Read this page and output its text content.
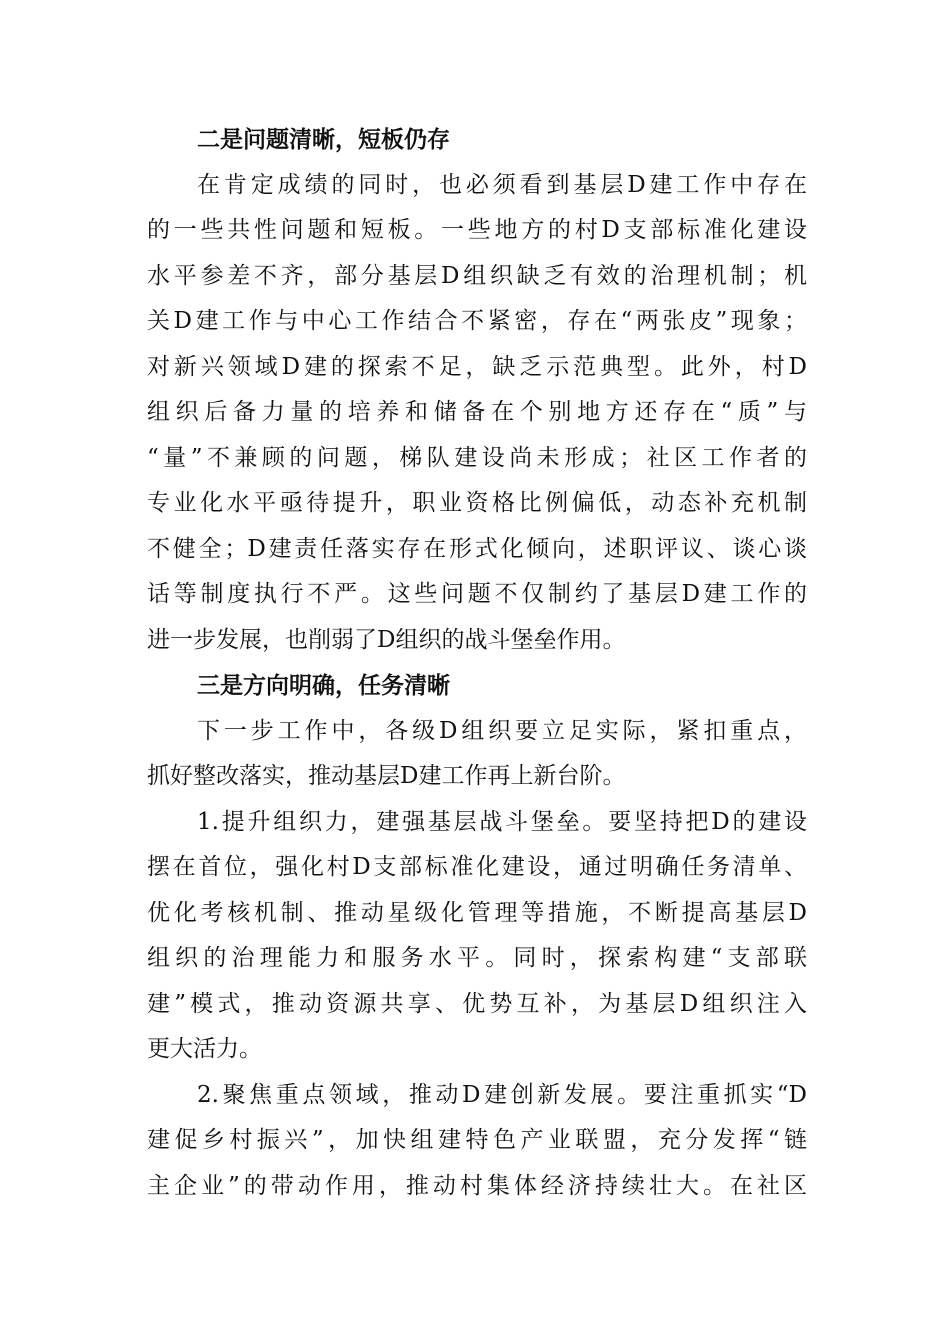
二是问题清晰，短板仍存
在肯定成绩的同时，也必须看到基层D建工作中存在
的一些共性问题和短板。一些地方的村D支部标准化建设
水平参差不齐，部分基层D组织缺乏有效的治理机制；机
关D建工作与中心工作结合不紧密，存在“两张皮”现象；
对新兴领域D建的探索不足，缺乏示范典型。此外，村D
组织后备力量的培养和储备在个别地方还存在“质”与
“量”不兼顾的问题，梯队建设尚未形成；社区工作者的
专业化水平亟待提升，职业资格比例偏低，动态补充机制
不健全；D建责任落实存在形式化倾向，述职评议、谈心谈
话等制度执行不严。这些问题不仅制约了基层D建工作的
进一步发展，也削弱了D组织的战斗堡垒作用。
三是方向明确，任务清晰
下一步工作中，各级D组织要立足实际，紧扣重点，
抓好整改落实，推动基层D建工作再上新台阶。
1.提升组织力，建强基层战斗堡垒。要坚持把D的建设
摆在首位，强化村D支部标准化建设，通过明确任务清单、
优化考核机制、推动星级化管理等措施，不断提高基层D
组织的治理能力和服务水平。同时，探索构建“支部联
建”模式，推动资源共享、优势互补，为基层D组织注入
更大活力。
2.聚焦重点领域，推动D建创新发展。要注重抓实“D
建促乡村振兴”，加快组建特色产业联盟，充分发挥“链
主企业”的带动作用，推动村集体经济持续壮大。在社区
